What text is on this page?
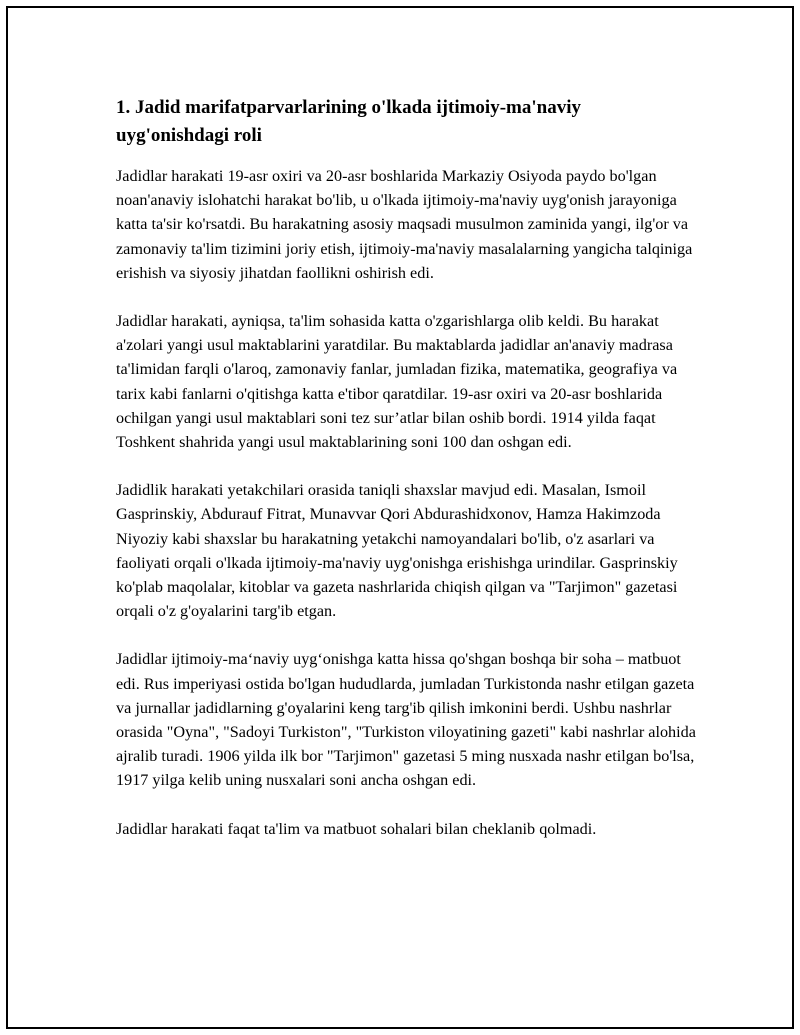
1. Jadid marifatparvarlarining o'lkada ijtimoiy-ma'naviy uyg'onishdagi roli

Jadidlar harakati 19-asr oxiri va 20-asr boshlarida Markaziy Osiyoda paydo bo'lgan noan'anaviy islohatchi harakat bo'lib, u o'lkada ijtimoiy-ma'naviy uyg'onish jarayoniga katta ta'sir ko'rsatdi. Bu harakatning asosiy maqsadi musulmon zaminida yangi, ilg'or va zamonaviy ta'lim tizimini joriy etish, ijtimoiy-ma'naviy masalalarning yangicha talqiniga erishish va siyosiy jihatdan faollikni oshirish edi.

Jadidlar harakati, ayniqsa, ta'lim sohasida katta o'zgarishlarga olib keldi. Bu harakat a'zolari yangi usul maktablarini yaratdilar. Bu maktablarda jadidlar an'anaviy madrasa ta'limidan farqli o'laroq, zamonaviy fanlar, jumladan fizika, matematika, geografiya va tarix kabi fanlarni o'qitishga katta e'tibor qaratdilar. 19-asr oxiri va 20-asr boshlarida ochilgan yangi usul maktablari soni tez sur’atlar bilan oshib bordi. 1914 yilda faqat Toshkent shahrida yangi usul maktablarining soni 100 dan oshgan edi.

Jadidlik harakati yetakchilari orasida taniqli shaxslar mavjud edi. Masalan, Ismoil Gasprinskiy, Abdurauf Fitrat, Munavvar Qori Abdurashidxonov, Hamza Hakimzoda Niyoziy kabi shaxslar bu harakatning yetakchi namoyandalari bo'lib, o'z asarlari va faoliyati orqali o'lkada ijtimoiy-ma'naviy uyg'onishga erishishga urindilar. Gasprinskiy ko'plab maqolalar, kitoblar va gazeta nashrlarida chiqish qilgan va "Tarjimon" gazetasi orqali o'z g'oyalarini targ'ib etgan.

Jadidlar ijtimoiy-maʻnaviy uygʻonishga katta hissa qo'shgan boshqa bir soha – matbuot edi. Rus imperiyasi ostida bo'lgan hududlarda, jumladan Turkistonda nashr etilgan gazeta va jurnallar jadidlarning g'oyalarini keng targ'ib qilish imkonini berdi. Ushbu nashrlar orasida "Oyna", "Sadoyi Turkiston", "Turkiston viloyatining gazeti" kabi nashrlar alohida ajralib turadi. 1906 yilda ilk bor "Tarjimon" gazetasi 5 ming nusxada nashr etilgan bo'lsa, 1917 yilga kelib uning nusxalari soni ancha oshgan edi.

Jadidlar harakati faqat ta'lim va matbuot sohalari bilan cheklanib qolmadi.
